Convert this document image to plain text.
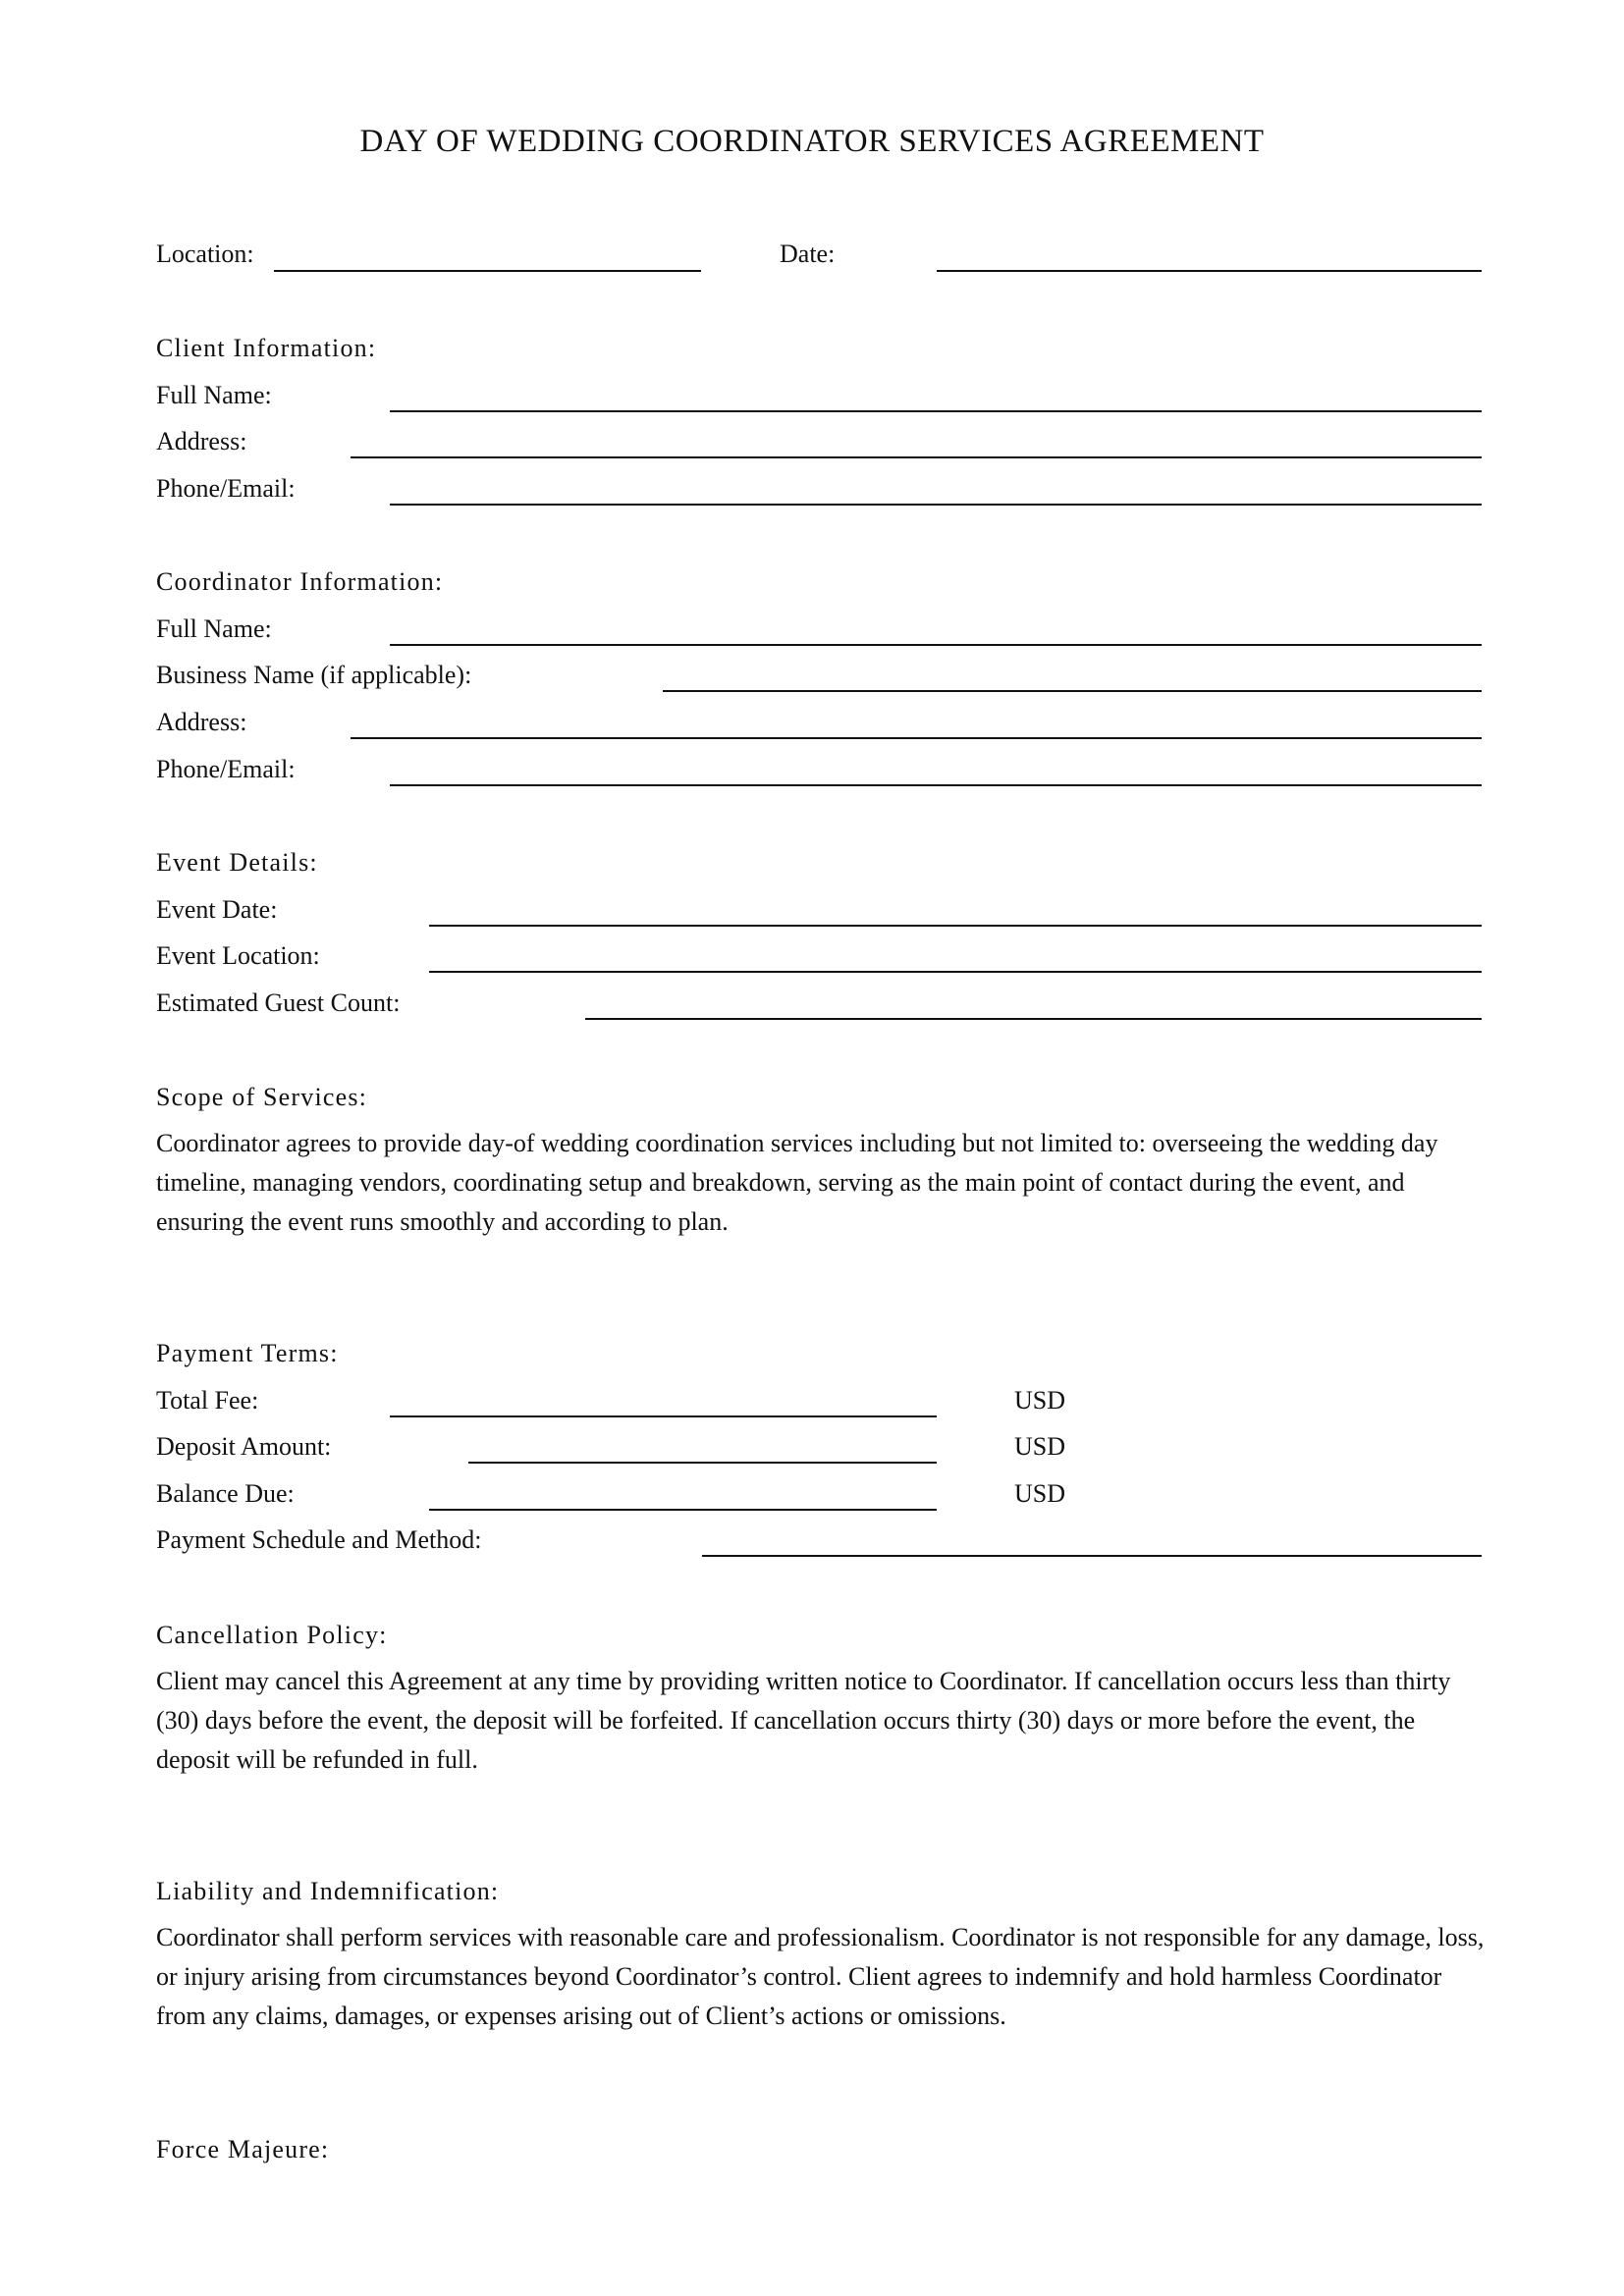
DAY OF WEDDING COORDINATOR SERVICES AGREEMENT
Location:	Date:
Client Information:
Full Name:
Address:
Phone/Email:
Coordinator Information:
Full Name:
Business Name (if applicable):
Address:
Phone/Email:
Event Details:
Event Date:
Event Location:
Estimated Guest Count:
Scope of Services:
Coordinator agrees to provide day-of wedding coordination services including but not limited to: overseeing the wedding day timeline, managing vendors, coordinating setup and breakdown, serving as the main point of contact during the event, and ensuring the event runs smoothly and according to plan.
Payment Terms:
Total Fee:	USD
Deposit Amount:	USD
Balance Due:	USD
Payment Schedule and Method:
Cancellation Policy:
Client may cancel this Agreement at any time by providing written notice to Coordinator. If cancellation occurs less than thirty (30) days before the event, the deposit will be forfeited. If cancellation occurs thirty (30) days or more before the event, the deposit will be refunded in full.
Liability and Indemnification:
Coordinator shall perform services with reasonable care and professionalism. Coordinator is not responsible for any damage, loss, or injury arising from circumstances beyond Coordinator’s control. Client agrees to indemnify and hold harmless Coordinator from any claims, damages, or expenses arising out of Client’s actions or omissions.
Force Majeure:
